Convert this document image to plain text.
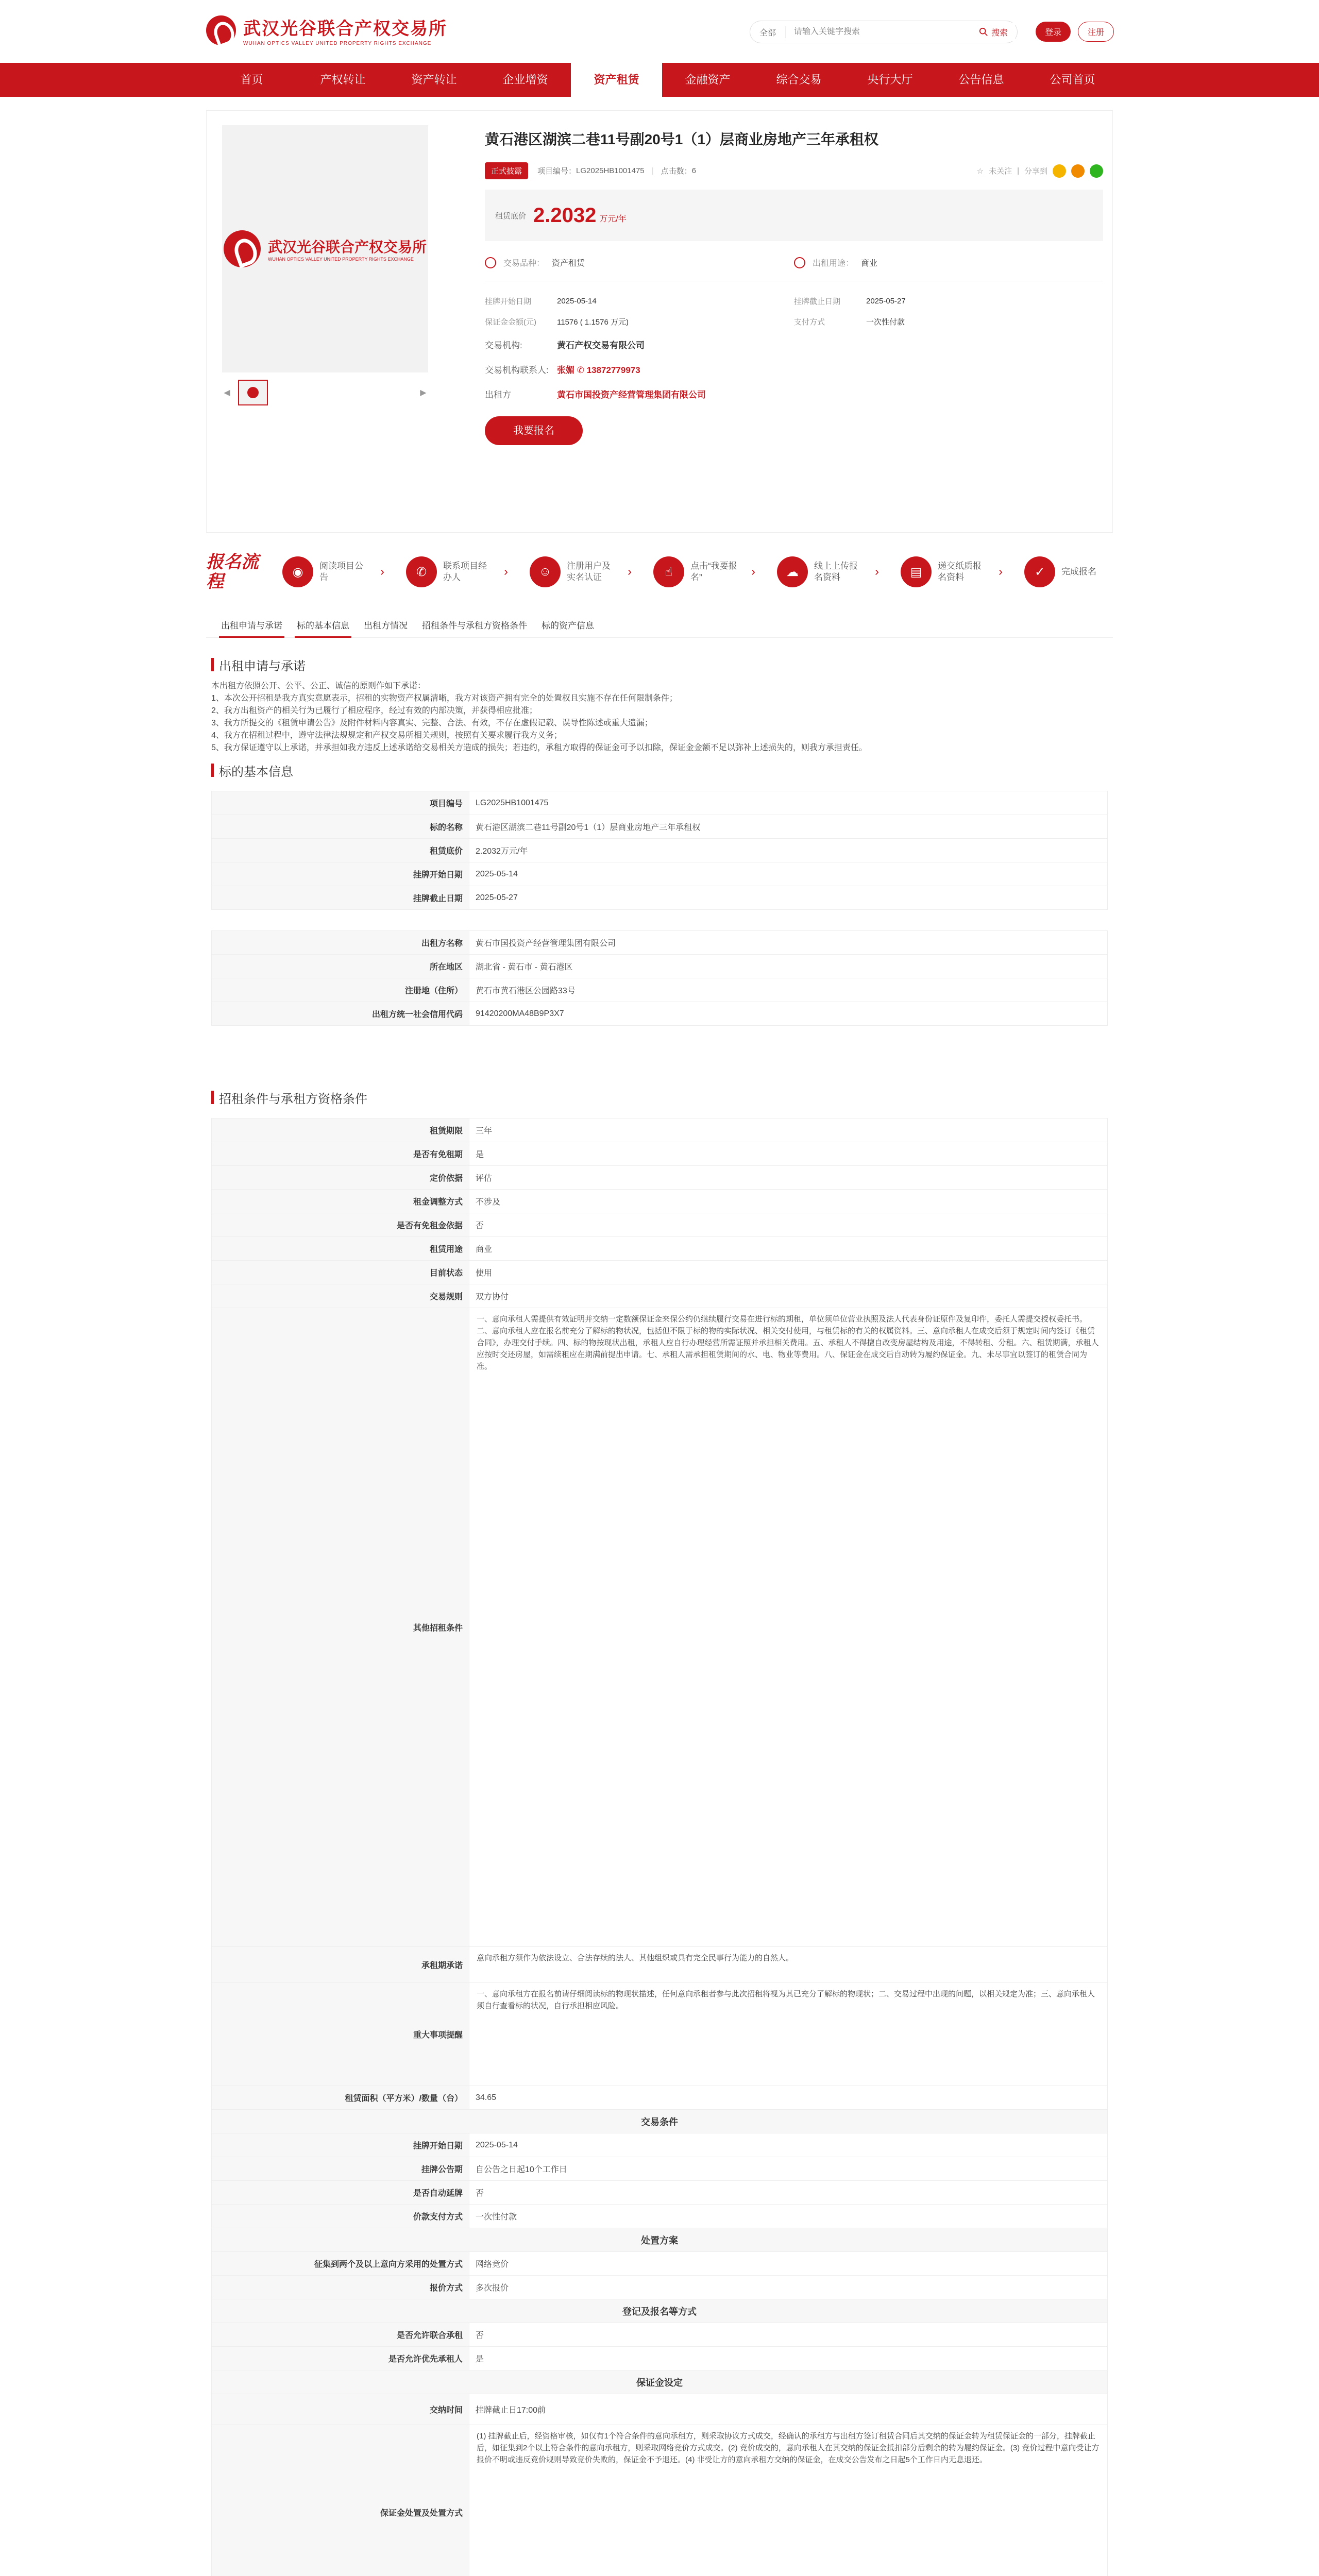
武汉光谷联合产权交易所
WUHAN OPTICS VALLEY UNITED PROPERTY RIGHTS EXCHANGE
全部
请输入关键字搜索	搜索	登录	注册
首页	产权转让	资产转让	企业增资	资产租赁	金融资产	综合交易	央行大厅	公告信息	公司首页
武汉光谷联合产权交易所
WUHAN OPTICS VALLEY UNITED PROPERTY RIGHTS EXCHANGE
◀	▶
黄石港区湖滨二巷11号副20号1（1）层商业房地产三年承租权
正式披露	项目编号： LG2025HB1001475 | 点击数： 6	☆ 未关注 | 分享到
租赁底价 2.2032 万元/年
交易品种： 资产租赁	出租用途： 商业
挂牌开始日期	2025-05-14	挂牌截止日期	2025-05-27
保证金金额(元)	11576 ( 1.1576 万元)	支付方式	一次性付款
交易机构:	黄石产权交易有限公司
交易机构联系人: 张媚 ✆ 13872779973
出租方	黄石市国投资产经营管理集团有限公司
我要报名
报名流程	◉	阅读项目公告	›	✆	联系项目经办人	›	☺	注册用户及实名认证	›	☝	点击“我要报名”	›	☁	线上上传报名资料	›	▤	递交纸质报名资料	›	✓	完成报名
出租申请与承诺 标的基本信息 出租方情况 招租条件与承租方资格条件 标的资产信息
出租申请与承诺
本出租方依照公开、公平、公正、诚信的原则作如下承诺：
1、本次公开招租是我方真实意愿表示，招租的实物资产权属清晰，我方对该资产拥有完全的处置权且实施不存在任何限制条件；
2、我方出租资产的相关行为已履行了相应程序，经过有效的内部决策，并获得相应批准；
3、我方所提交的《租赁申请公告》及附件材料内容真实、完整、合法、有效，不存在虚假记载、误导性陈述或重大遗漏；
4、我方在招租过程中，遵守法律法规规定和产权交易所相关规则，按照有关要求履行我方义务；
5、我方保证遵守以上承诺，并承担如我方违反上述承诺给交易相关方造成的损失；若违约，承租方取得的保证金可予以扣除，保证金金额不足以弥补上述损失的，则我方承担责任。
标的基本信息
项目编号	LG2025HB1001475
标的名称	黄石港区湖滨二巷11号副20号1（1）层商业房地产三年承租权
租赁底价	2.2032万元/年
挂牌开始日期	2025-05-14
挂牌截止日期	2025-05-27
出租方名称	黄石市国投资产经营管理集团有限公司
所在地区	湖北省 - 黄石市 - 黄石港区
注册地（住所）	黄石市黄石港区公园路33号
出租方统一社会信用代码	91420200MA48B9P3X7
招租条件与承租方资格条件
租赁期限	三年
是否有免租期	是
定价依据	评估
租金调整方式	不涉及
是否有免租金依据	否
租赁用途	商业
目前状态	使用
交易规则	双方协付
其他招租条件	一、意向承租人需提供有效证明并交纳一定数额保证金来保公约仍继续履行交易在进行标的期租，单位须单位营业执照及法人代表身份证原件及复印件，委托人需提交授权委托书。二、意向承租人应在报名前充分了解标的物状况，包括但不限于标的物的实际状况、相关交付使用，与租赁标的有关的权属资料。三、意向承租人在成交后须于规定时间内签订《租赁合同》，办理交付手续。四、标的物按现状出租，承租人应自行办理经营所需证照并承担相关费用。五、承租人不得擅自改变房屋结构及用途，不得转租、分租。六、租赁期满，承租人应按时交还房屋，如需续租应在期满前提出申请。七、承租人需承担租赁期间的水、电、物业等费用。八、保证金在成交后自动转为履约保证金。九、未尽事宜以签订的租赁合同为准。
承租期承诺	意向承租方须作为依法设立、合法存续的法人、其他组织或具有完全民事行为能力的自然人。
重大事项提醒	一、意向承租方在报名前请仔细阅读标的物现状描述，任何意向承租者参与此次招租将视为其已充分了解标的物现状；二、交易过程中出现的问题，以相关规定为准；三、意向承租人须自行查看标的状况，自行承担相应风险。
租赁面积（平方米）/数量（台）	34.65
交易条件	
挂牌开始日期	2025-05-14
挂牌公告期	自公告之日起10个工作日
是否自动延牌	否
价款支付方式	一次性付款
处置方案	
征集到两个及以上意向方采用的处置方式	网络竞价
报价方式	多次报价
登记及报名等方式	
是否允许联合承租	否
是否允许优先承租人	是
保证金设定	
交纳时间	挂牌截止日17:00前
保证金处置及处置方式	(1) 挂牌截止后，经资格审核，如仅有1个符合条件的意向承租方，则采取协议方式成交，经确认的承租方与出租方签订租赁合同后其交纳的保证金转为租赁保证金的一部分，挂牌截止后，如征集到2个以上符合条件的意向承租方，则采取网络竞价方式成交。(2) 竞价成交的，意向承租人在其交纳的保证金抵扣部分后剩余的转为履约保证金。(3) 竞价过程中意向受让方报价不明或违反竞价规则导致竞价失败的，保证金不予退还。(4) 非受让方的意向承租方交纳的保证金，在成交公告发布之日起5个工作日内无息退还。
